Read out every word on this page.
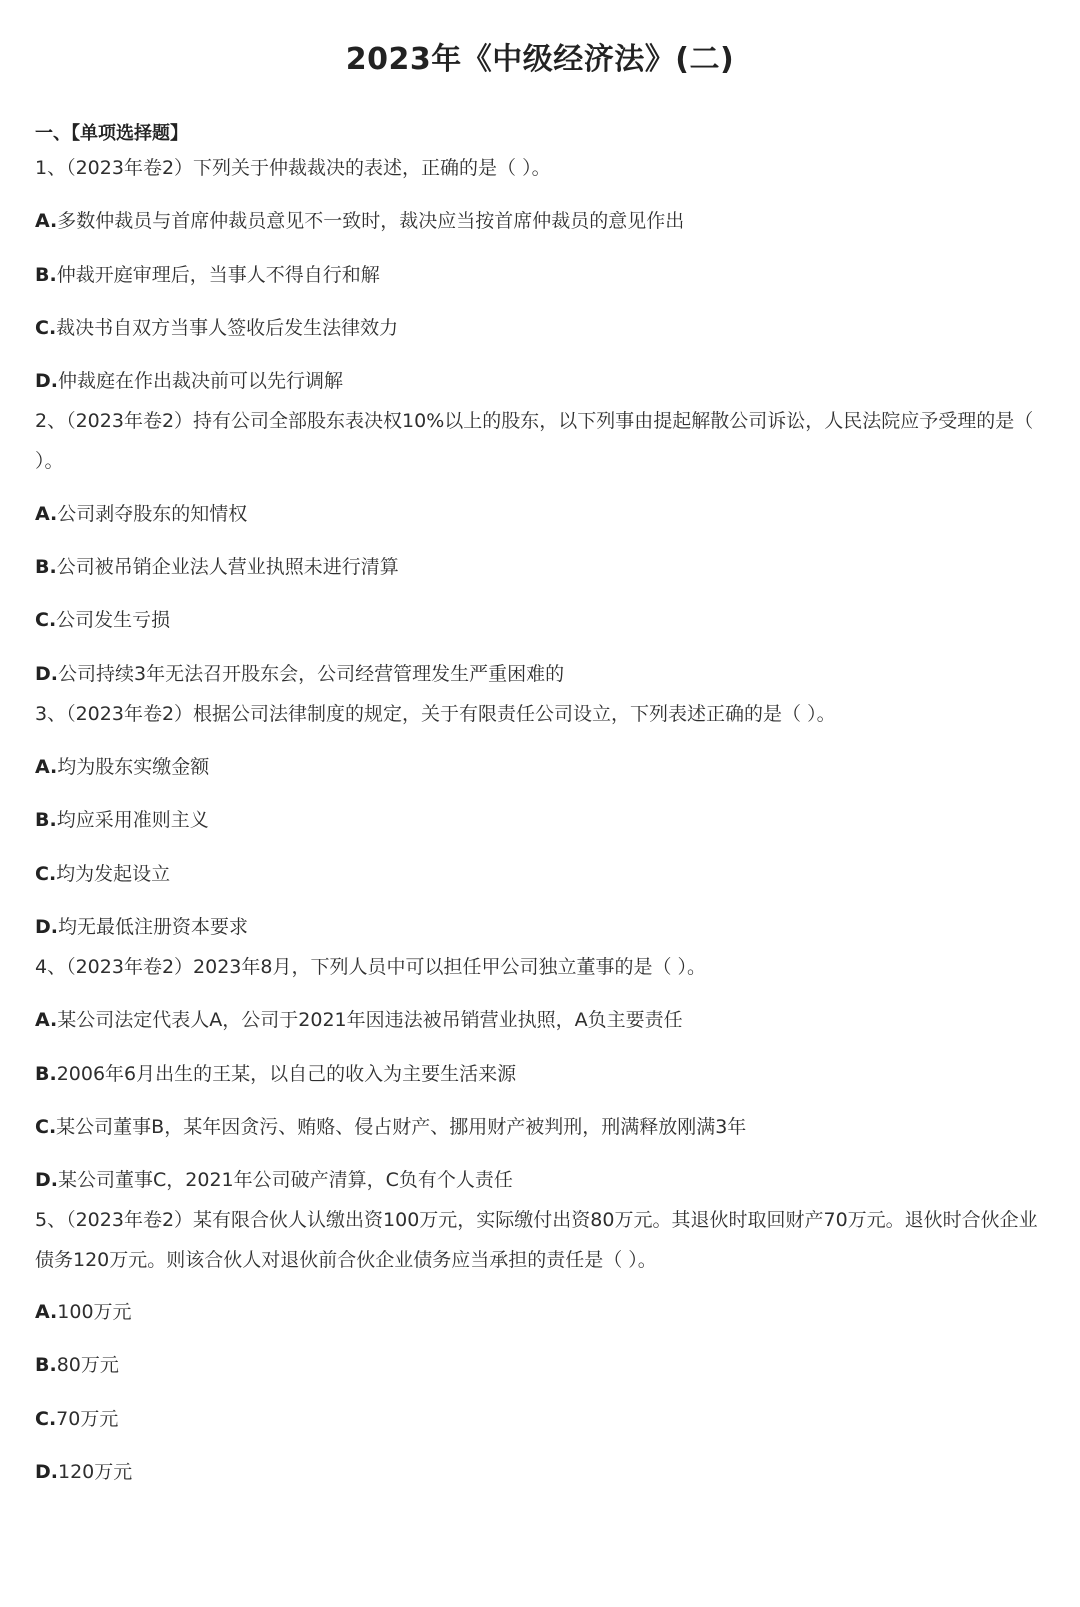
2023年《中级经济法》(二)
一、【单项选择题】
1、（2023年卷2）下列关于仲裁裁决的表述，正确的是（ ）。
A.多数仲裁员与首席仲裁员意见不一致时，裁决应当按首席仲裁员的意见作出
B.仲裁开庭审理后，当事人不得自行和解
C.裁决书自双方当事人签收后发生法律效力
D.仲裁庭在作出裁决前可以先行调解
2、（2023年卷2）持有公司全部股东表决权10%以上的股东，以下列事由提起解散公司诉讼，人民法院应予受理的是（ ）。
A.公司剥夺股东的知情权
B.公司被吊销企业法人营业执照未进行清算
C.公司发生亏损
D.公司持续3年无法召开股东会，公司经营管理发生严重困难的
3、（2023年卷2）根据公司法律制度的规定，关于有限责任公司设立，下列表述正确的是（ ）。
A.均为股东实缴金额
B.均应采用准则主义
C.均为发起设立
D.均无最低注册资本要求
4、（2023年卷2）2023年8月，下列人员中可以担任甲公司独立董事的是（ ）。
A.某公司法定代表人A，公司于2021年因违法被吊销营业执照，A负主要责任
B.2006年6月出生的王某，以自己的收入为主要生活来源
C.某公司董事B，某年因贪污、贿赂、侵占财产、挪用财产被判刑，刑满释放刚满3年
D.某公司董事C，2021年公司破产清算，C负有个人责任
5、（2023年卷2）某有限合伙人认缴出资100万元，实际缴付出资80万元。其退伙时取回财产70万元。退伙时合伙企业债务120万元。则该合伙人对退伙前合伙企业债务应当承担的责任是（ ）。
A.100万元
B.80万元
C.70万元
D.120万元
